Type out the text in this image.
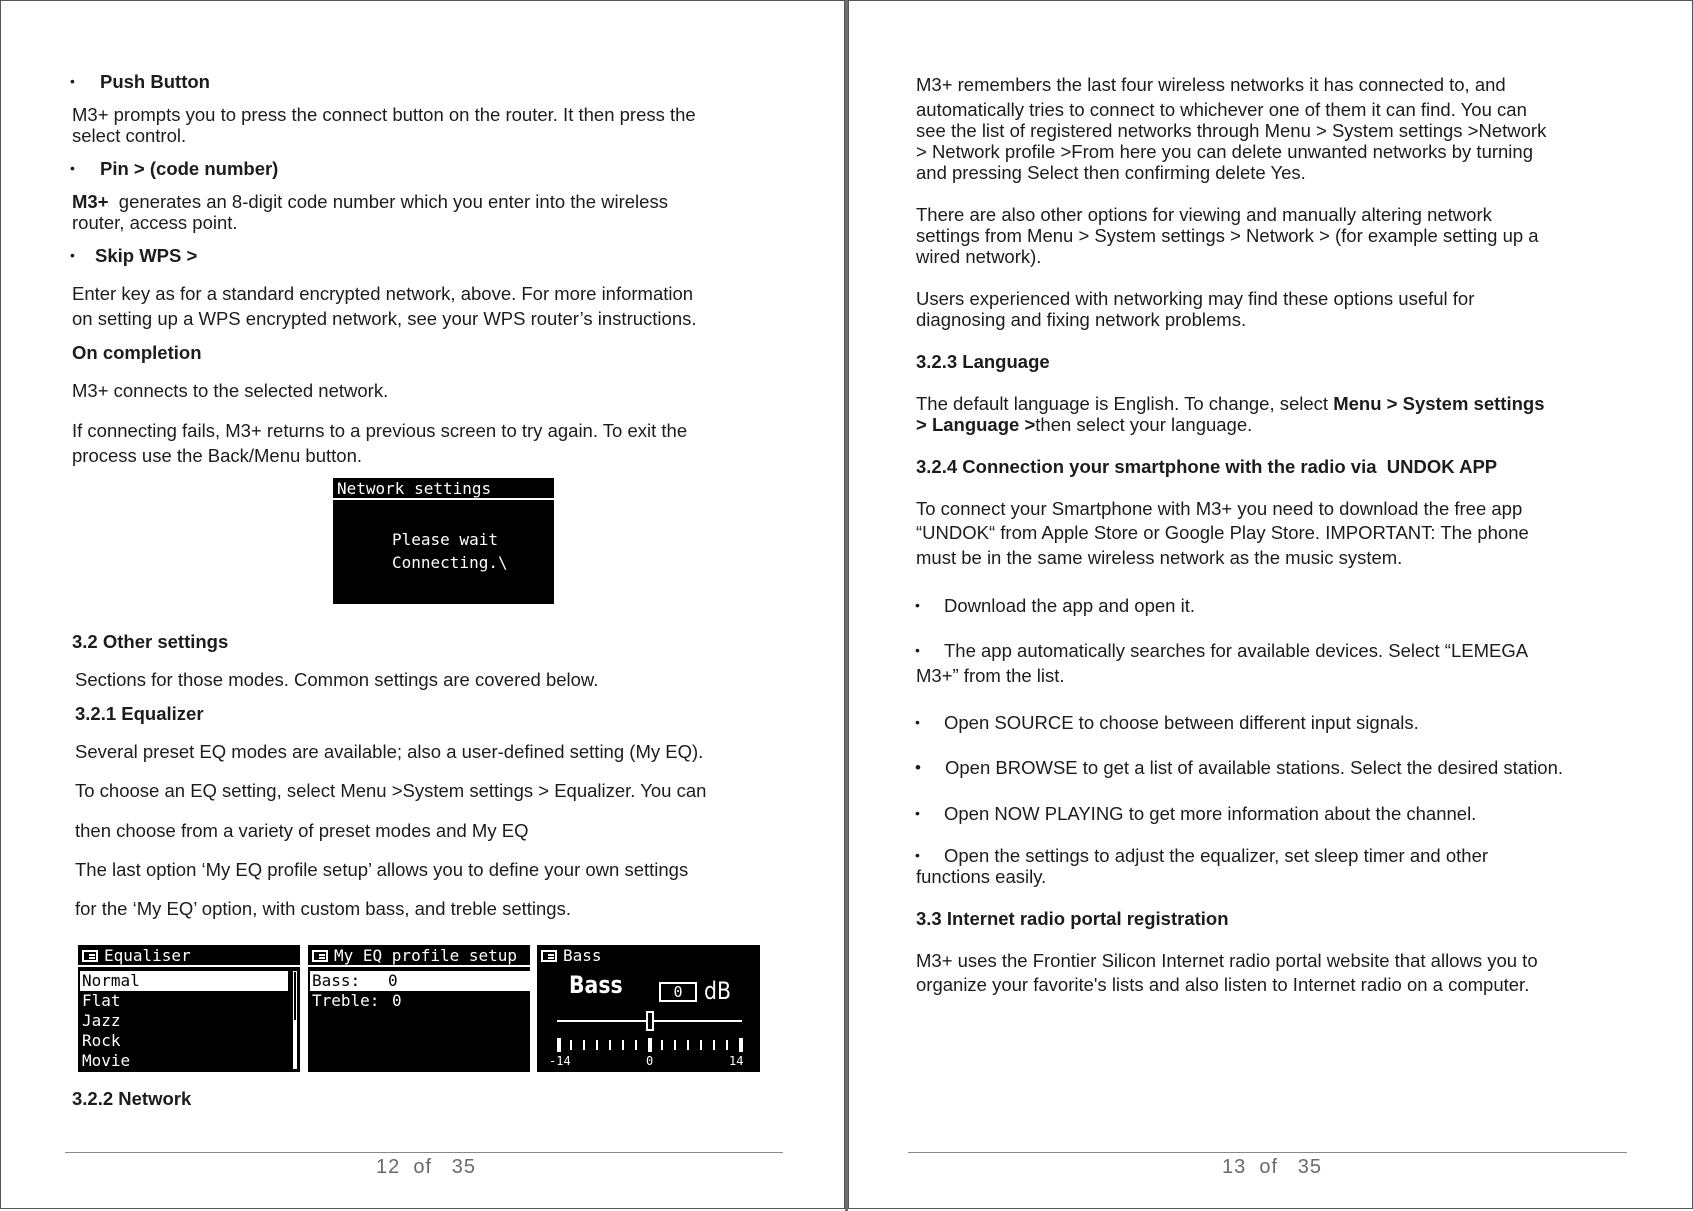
• Push Button

M3+ prompts you to press the connect button on the router. It then press the

select control.

• Pin > (code number)

M3+  generates an 8-digit code number which you enter into the wireless

router, access point.

• Skip WPS >

Enter key as for a standard encrypted network, above. For more information

on setting up a WPS encrypted network, see your WPS router’s instructions.

On completion

M3+ connects to the selected network.

If connecting fails, M3+ returns to a previous screen to try again. To exit the

process use the Back/Menu button.

Network settings
Please wait
Connecting.\

3.2 Other settings

Sections for those modes. Common settings are covered below.

3.2.1 Equalizer

Several preset EQ modes are available; also a user-defined setting (My EQ).

To choose an EQ setting, select Menu >System settings > Equalizer. You can

then choose from a variety of preset modes and My EQ

The last option ‘My EQ profile setup’ allows you to define your own settings

for the ‘My EQ’ option, with custom bass, and treble settings.

Equaliser
Normal
Flat
Jazz
Rock
Movie
My EQ profile setup
Bass: 0
Treble: 0
Bass
Bass	0 dB
-14	0	14

3.2.2 Network

12  of   35

M3+ remembers the last four wireless networks it has connected to, and

automatically tries to connect to whichever one of them it can find. You can

see the list of registered networks through Menu > System settings >Network

> Network profile >From here you can delete unwanted networks by turning

and pressing Select then confirming delete Yes.

There are also other options for viewing and manually altering network

settings from Menu > System settings > Network > (for example setting up a

wired network).

Users experienced with networking may find these options useful for

diagnosing and fixing network problems.

3.2.3 Language

The default language is English. To change, select Menu > System settings

> Language >then select your language.

3.2.4 Connection your smartphone with the radio via  UNDOK APP

To connect your Smartphone with M3+ you need to download the free app

“UNDOK“ from Apple Store or Google Play Store. IMPORTANT: The phone

must be in the same wireless network as the music system.

• Download the app and open it.

• The app automatically searches for available devices. Select “LEMEGA

M3+” from the list.

• Open SOURCE to choose between different input signals.

• Open BROWSE to get a list of available stations. Select the desired station.

• Open NOW PLAYING to get more information about the channel.

• Open the settings to adjust the equalizer, set sleep timer and other

functions easily.

3.3 Internet radio portal registration

M3+ uses the Frontier Silicon Internet radio portal website that allows you to

organize your favorite's lists and also listen to Internet radio on a computer.

13  of   35
